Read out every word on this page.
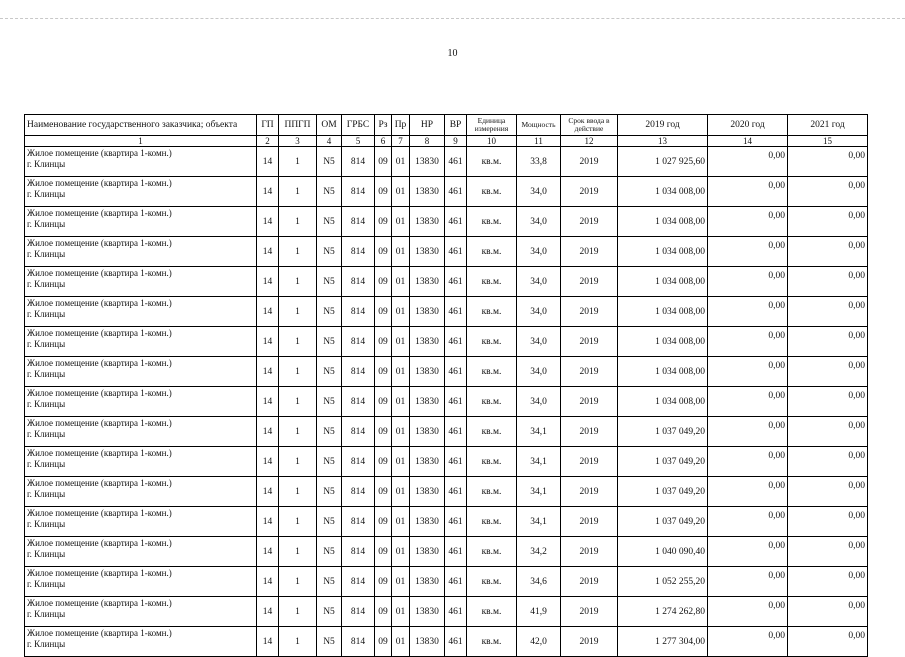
10
Наименование государственного заказчика; объекта	ГП	ППГП	ОМ	ГРБС	Рз	Пр	НР	ВР	Единица измерения	Мощность	Срок ввода в действие	2019 год	2020 год	2021 год
1	2	3	4	5	6	7	8	9	10	11	12	13	14	15

Жилое помещение (квартира 1-комн.)
г. Клинцы	14	1	N5	814	09	01	13830	461	кв.м.	33,8	2019	1 027 925,60	0,00	0,00

Жилое помещение (квартира 1-комн.)
г. Клинцы	14	1	N5	814	09	01	13830	461	кв.м.	34,0	2019	1 034 008,00	0,00	0,00

Жилое помещение (квартира 1-комн.)
г. Клинцы	14	1	N5	814	09	01	13830	461	кв.м.	34,0	2019	1 034 008,00	0,00	0,00

Жилое помещение (квартира 1-комн.)
г. Клинцы	14	1	N5	814	09	01	13830	461	кв.м.	34,0	2019	1 034 008,00	0,00	0,00

Жилое помещение (квартира 1-комн.)
г. Клинцы	14	1	N5	814	09	01	13830	461	кв.м.	34,0	2019	1 034 008,00	0,00	0,00

Жилое помещение (квартира 1-комн.)
г. Клинцы	14	1	N5	814	09	01	13830	461	кв.м.	34,0	2019	1 034 008,00	0,00	0,00

Жилое помещение (квартира 1-комн.)
г. Клинцы	14	1	N5	814	09	01	13830	461	кв.м.	34,0	2019	1 034 008,00	0,00	0,00

Жилое помещение (квартира 1-комн.)
г. Клинцы	14	1	N5	814	09	01	13830	461	кв.м.	34,0	2019	1 034 008,00	0,00	0,00

Жилое помещение (квартира 1-комн.)
г. Клинцы	14	1	N5	814	09	01	13830	461	кв.м.	34,0	2019	1 034 008,00	0,00	0,00

Жилое помещение (квартира 1-комн.)
г. Клинцы	14	1	N5	814	09	01	13830	461	кв.м.	34,1	2019	1 037 049,20	0,00	0,00

Жилое помещение (квартира 1-комн.)
г. Клинцы	14	1	N5	814	09	01	13830	461	кв.м.	34,1	2019	1 037 049,20	0,00	0,00

Жилое помещение (квартира 1-комн.)
г. Клинцы	14	1	N5	814	09	01	13830	461	кв.м.	34,1	2019	1 037 049,20	0,00	0,00

Жилое помещение (квартира 1-комн.)
г. Клинцы	14	1	N5	814	09	01	13830	461	кв.м.	34,1	2019	1 037 049,20	0,00	0,00

Жилое помещение (квартира 1-комн.)
г. Клинцы	14	1	N5	814	09	01	13830	461	кв.м.	34,2	2019	1 040 090,40	0,00	0,00

Жилое помещение (квартира 1-комн.)
г. Клинцы	14	1	N5	814	09	01	13830	461	кв.м.	34,6	2019	1 052 255,20	0,00	0,00

Жилое помещение (квартира 1-комн.)
г. Клинцы	14	1	N5	814	09	01	13830	461	кв.м.	41,9	2019	1 274 262,80	0,00	0,00

Жилое помещение (квартира 1-комн.)
г. Клинцы	14	1	N5	814	09	01	13830	461	кв.м.	42,0	2019	1 277 304,00	0,00	0,00
